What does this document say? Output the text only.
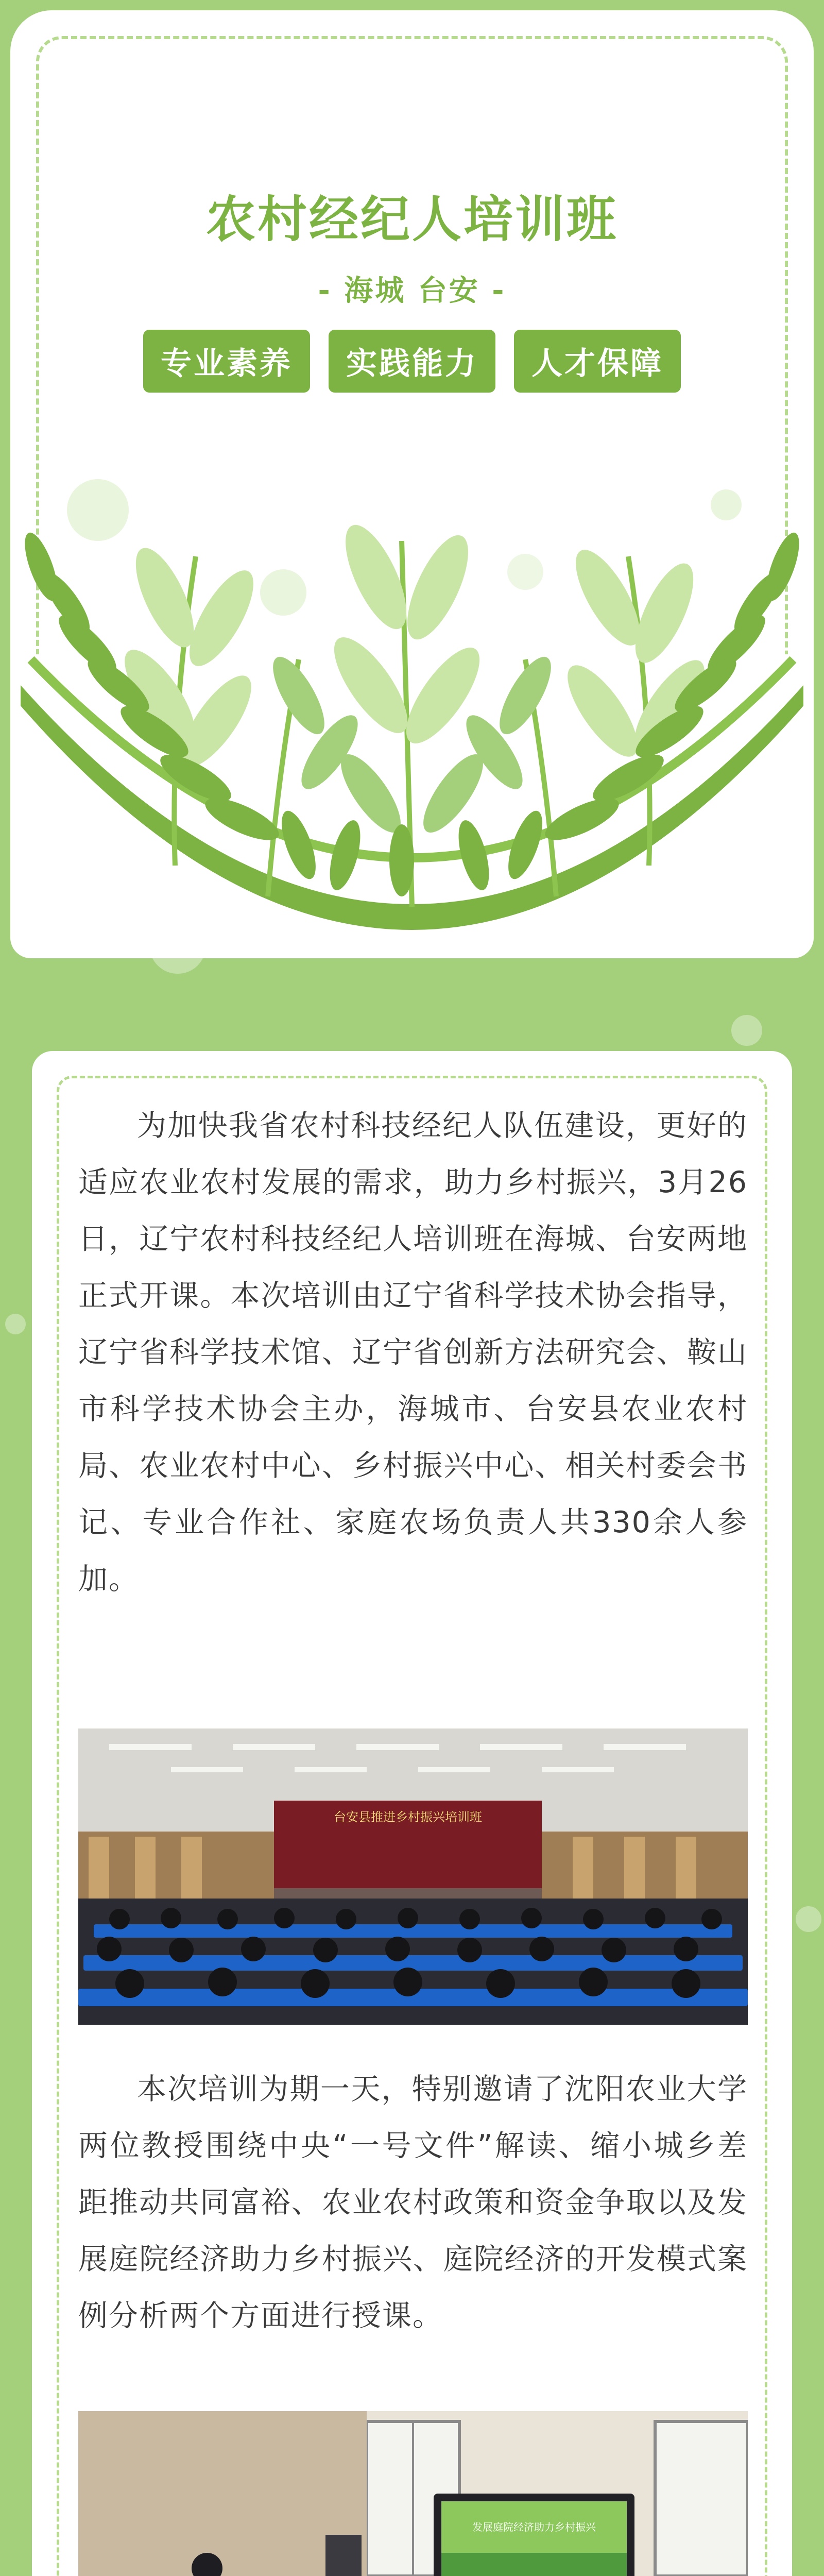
农村经纪人培训班
- 海城 台安 -
专业素养	实践能力	人才保障

为加快我省农村科技经纪人队伍建设，更好的适应农业农村发展的需求，助力乡村振兴，3月26日，辽宁农村科技经纪人培训班在海城、台安两地正式开课。本次培训由辽宁省科学技术协会指导，辽宁省科学技术馆、辽宁省创新方法研究会、鞍山市科学技术协会主办，海城市、台安县农业农村局、农业农村中心、乡村振兴中心、相关村委会书记、专业合作社、家庭农场负责人共330余人参加。

台安县推进乡村振兴培训班

本次培训为期一天，特别邀请了沈阳农业大学两位教授围绕中央“一号文件”解读、缩小城乡差距推动共同富裕、农业农村政策和资金争取以及发展庭院经济助力乡村振兴、庭院经济的开发模式案例分析两个方面进行授课。

发展庭院经济助力乡村振兴
